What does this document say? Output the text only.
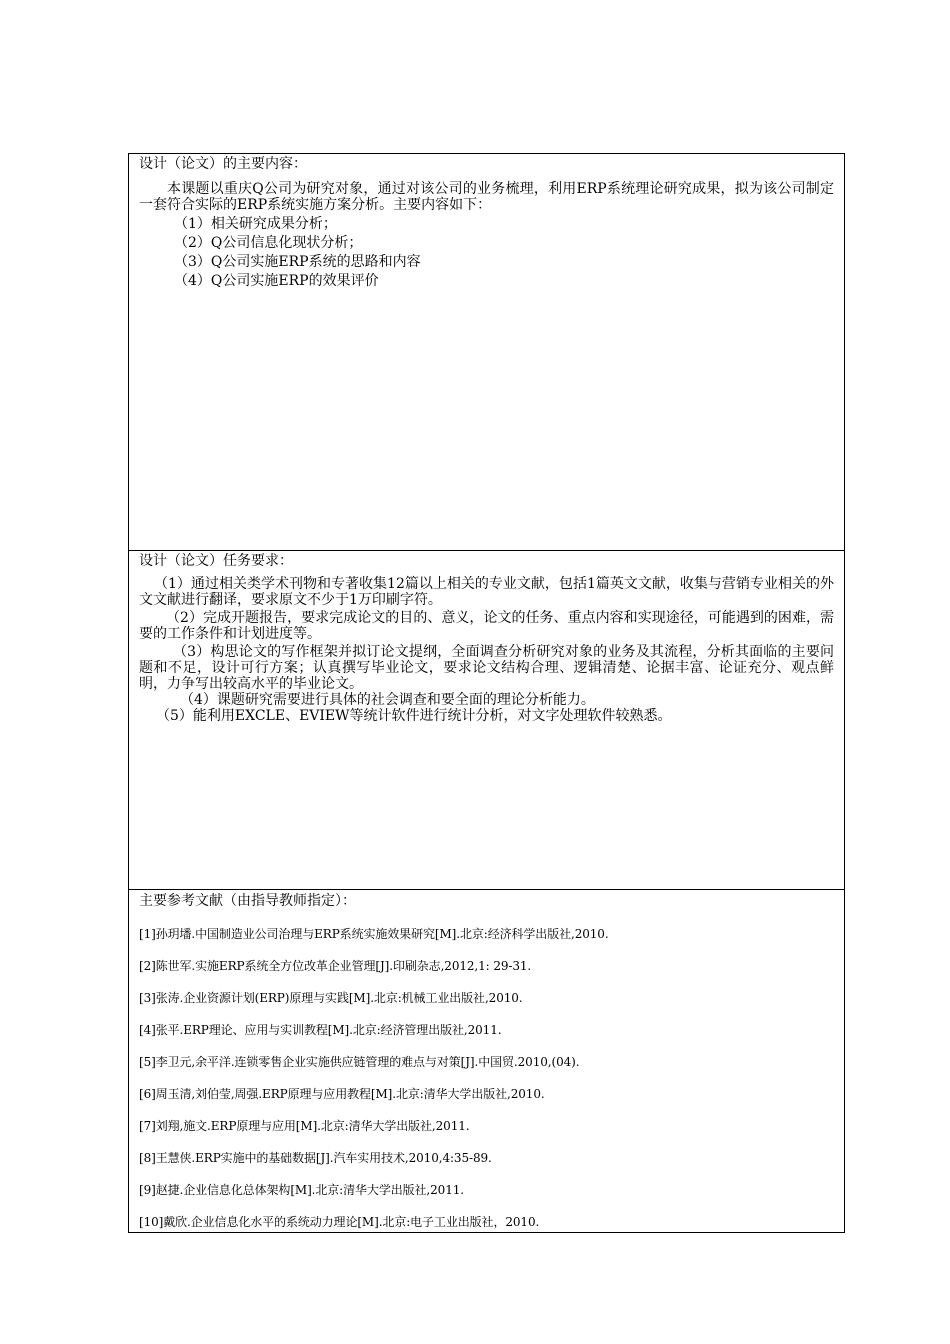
设计（论文）的主要内容：

本课题以重庆Q公司为研究对象，通过对该公司的业务梳理，利用ERP系统理论研究成果，拟为该公司制定一套符合实际的ERP系统实施方案分析。主要内容如下：

（1）相关研究成果分析；

（2）Q公司信息化现状分析；

（3）Q公司实施ERP系统的思路和内容

（4）Q公司实施ERP的效果评价

设计（论文）任务要求：

（1）通过相关类学术刊物和专著收集12篇以上相关的专业文献，包括1篇英文文献，收集与营销专业相关的外文文献进行翻译，要求原文不少于1万印刷字符。

（2）完成开题报告，要求完成论文的目的、意义，论文的任务、重点内容和实现途径，可能遇到的困难，需要的工作条件和计划进度等。

（3）构思论文的写作框架并拟订论文提纲，全面调查分析研究对象的业务及其流程，分析其面临的主要问题和不足，设计可行方案；认真撰写毕业论文，要求论文结构合理、逻辑清楚、论据丰富、论证充分、观点鲜明，力争写出较高水平的毕业论文。

（4）课题研究需要进行具体的社会调查和要全面的理论分析能力。

（5）能利用EXCLE、EVIEW等统计软件进行统计分析，对文字处理软件较熟悉。

主要参考文献（由指导教师指定）：

[1]孙玥墦.中国制造业公司治理与ERP系统实施效果研究[M].北京:经济科学出版社,2010.

[2]陈世军.实施ERP系统全方位改革企业管理[J].印刷杂志,2012,1: 29-31.

[3]张涛.企业资源计划(ERP)原理与实践[M].北京:机械工业出版社,2010.

[4]张平.ERP理论、应用与实训教程[M].北京:经济管理出版社,2011.

[5]李卫元,余平洋.连锁零售企业实施供应链管理的难点与对策[J].中国贸.2010,(04).

[6]周玉清,刘伯莹,周强.ERP原理与应用教程[M].北京:清华大学出版社,2010.

[7]刘翔,施文.ERP原理与应用[M].北京:清华大学出版社,2011.

[8]王慧侠.ERP实施中的基础数据[J].汽车实用技术,2010,4:35-89.

[9]赵捷.企业信息化总体架构[M].北京:清华大学出版社,2011.

[10]戴欣.企业信息化水平的系统动力理论[M].北京:电子工业出版社，2010.
